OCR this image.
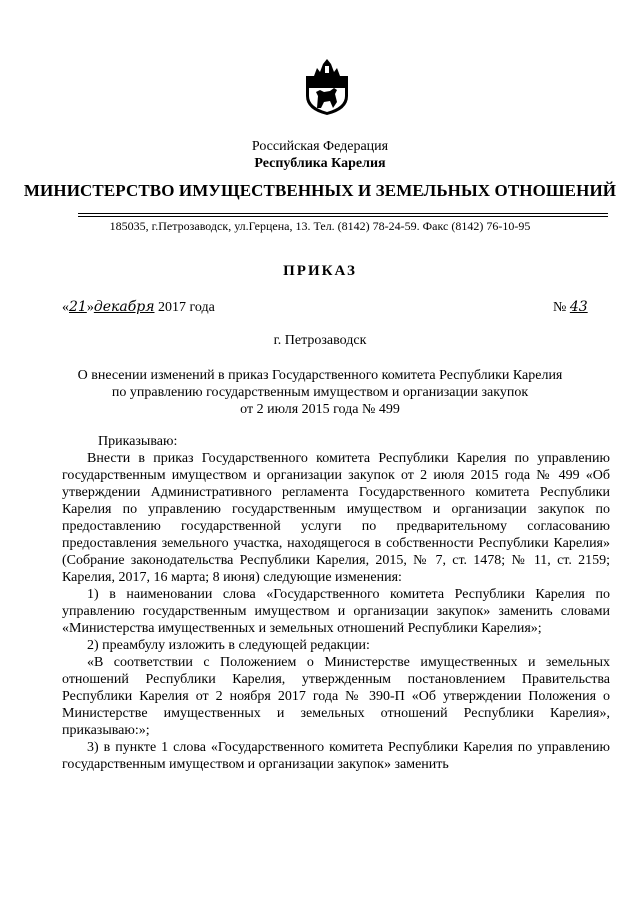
Российская Федерация

Республика Карелия

МИНИСТЕРСТВО ИМУЩЕСТВЕННЫХ И ЗЕМЕЛЬНЫХ ОТНОШЕНИЙ

185035, г.Петрозаводск, ул.Герцена, 13. Тел. (8142) 78-24-59. Факс (8142) 76-10-95

ПРИКАЗ

«21»декабря 2017 года	№ 43

г. Петрозаводск

О внесении изменений в приказ Государственного комитета Республики Карелия
по управлению государственным имуществом и организации закупок
от 2 июля 2015 года № 499

Приказываю:

Внести в приказ Государственного комитета Республики Карелия по управлению государственным имуществом и организации закупок от 2 июля 2015 года № 499 «Об утверждении Административного регламента Государственного комитета Республики Карелия по управлению государственным имуществом и организации закупок по предоставлению государственной услуги по предварительному согласованию предоставления земельного участка, находящегося в собственности Республики Карелия» (Собрание законодательства Республики Карелия, 2015, № 7, ст. 1478; № 11, ст. 2159; Карелия, 2017, 16 марта; 8 июня) следующие изменения:

1) в наименовании слова «Государственного комитета Республики Карелия по управлению государственным имуществом и организации закупок» заменить словами «Министерства имущественных и земельных отношений Республики Карелия»;

2) преамбулу изложить в следующей редакции:

«В соответствии с Положением о Министерстве имущественных и земельных отношений Республики Карелия, утвержденным постановлением Правительства Республики Карелия от 2 ноября 2017 года № 390-П «Об утверждении Положения о Министерстве имущественных и земельных отношений Республики Карелия», приказываю:»;

3) в пункте 1 слова «Государственного комитета Республики Карелия по управлению государственным имуществом и организации закупок» заменить
